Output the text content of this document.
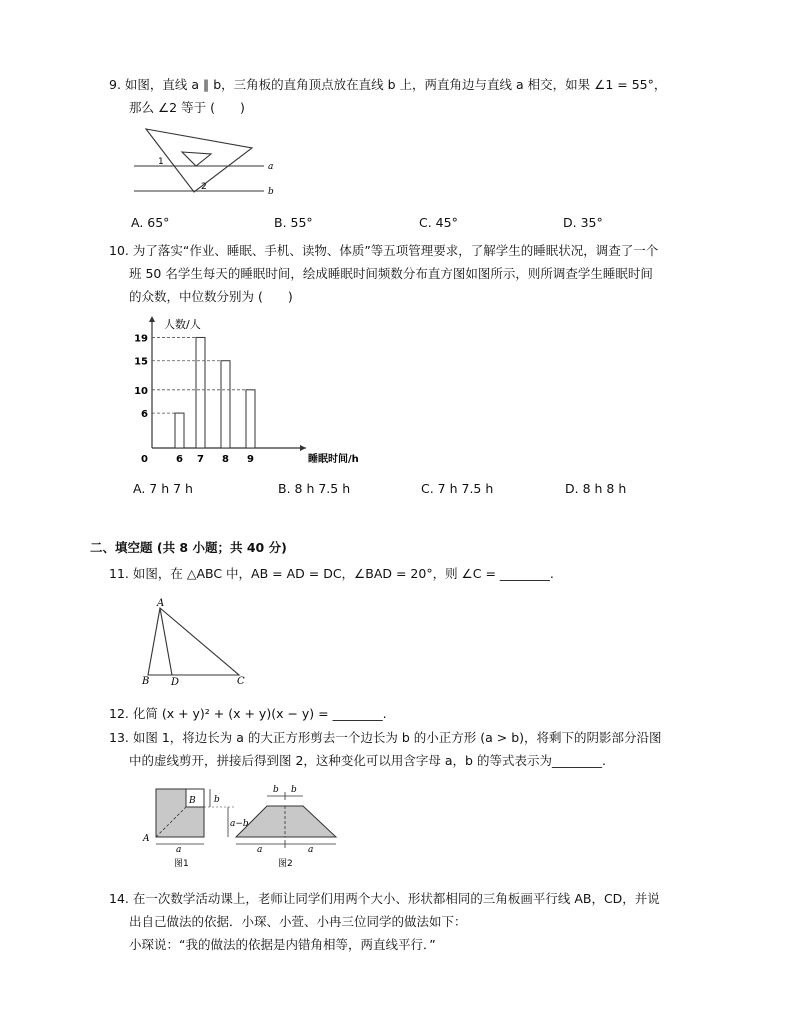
9. 如图，直线 a ∥ b，三角板的直角顶点放在直线 b 上，两直角边与直线 a 相交，如果 ∠1 = 55°，
那么 ∠2 等于 (　　)
a
b
1
2
A. 65°	B. 55°	C. 45°	D. 35°
10. 为了落实“作业、睡眠、手机、读物、体质”等五项管理要求，了解学生的睡眠状况，调查了一个
班 50 名学生每天的睡眠时间，绘成睡眠时间频数分布直方图如图所示，则所调查学生睡眠时间
的众数，中位数分别为 (　　)
6 7 8 9
6
10
15
19
0
人数/人
睡眠时间/h
A. 7 h 7 h	B. 8 h 7.5 h	C. 7 h 7.5 h	D. 8 h 8 h
二、填空题 (共 8 小题；共 40 分)
11. 如图，在 △ABC 中，AB = AD = DC，∠BAD = 20°，则 ∠C = ________.
A
B D	C
12. 化简 (x + y)² + (x + y)(x − y) = ________.
13. 如图 1，将边长为 a 的大正方形剪去一个边长为 b 的小正方形 (a > b)，将剩下的阴影部分沿图
中的虚线剪开，拼接后得到图 2，这种变化可以用含字母 a，b 的等式表示为________.
a
A
B b
a−b
图1
b b
a	a
图2
14. 在一次数学活动课上，老师让同学们用两个大小、形状都相同的三角板画平行线 AB，CD，并说
出自己做法的依据．小琛、小萱、小冉三位同学的做法如下：
小琛说：“我的做法的依据是内错角相等，两直线平行．”
